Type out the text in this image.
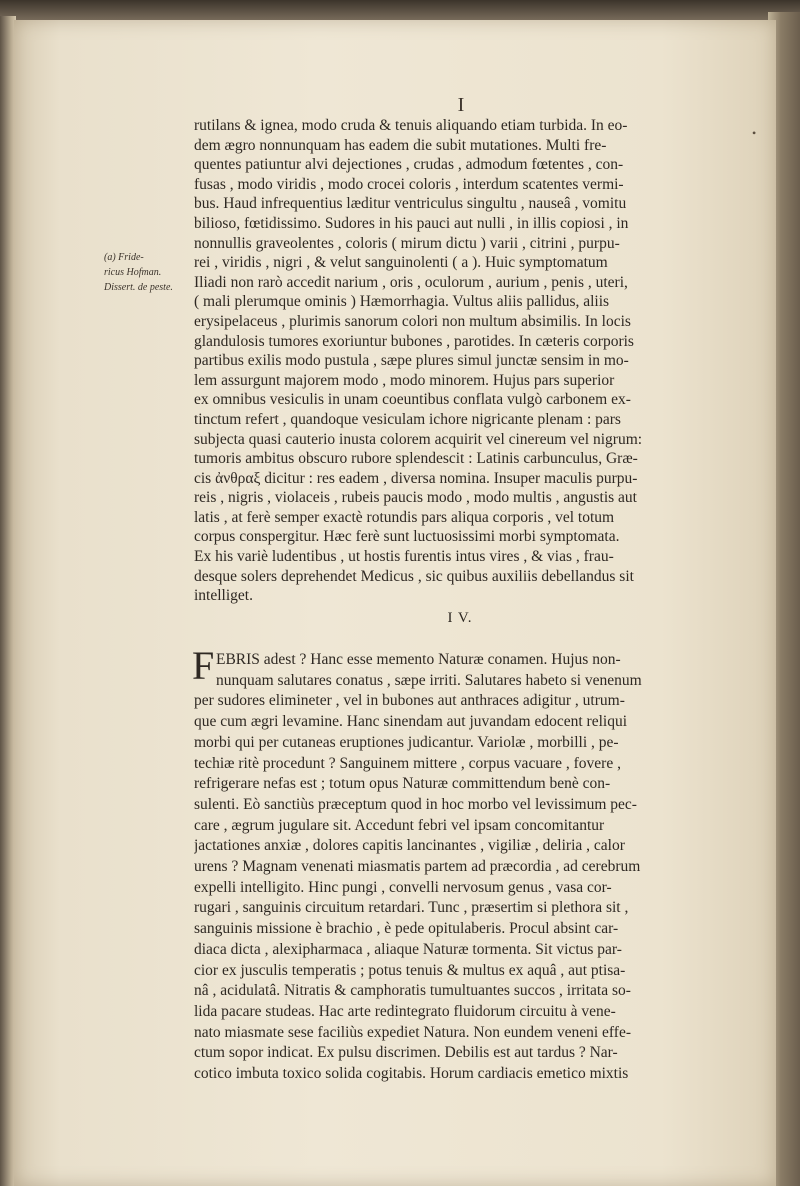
•
I
(a) Fride-
ricus Hofman.
Dissert. de peste.
rutilans & ignea, modo cruda & tenuis aliquando etiam turbida. In eo-
dem ægro nonnunquam has eadem die subit mutationes. Multi fre-
quentes patiuntur alvi dejectiones , crudas , admodum fœtentes , con-
fusas , modo viridis , modo crocei coloris , interdum scatentes vermi-
bus. Haud infrequentius læditur ventriculus singultu , nauseâ , vomitu
bilioso, fœtidissimo. Sudores in his pauci aut nulli , in illis copiosi , in
nonnullis graveolentes , coloris ( mirum dictu ) varii , citrini , purpu-
rei , viridis , nigri , & velut sanguinolenti ( a ). Huic symptomatum
Iliadi non rarò accedit narium , oris , oculorum , aurium , penis , uteri,
( mali plerumque ominis ) Hæmorrhagia. Vultus aliis pallidus, aliis
erysipelaceus , plurimis sanorum colori non multum absimilis. In locis
glandulosis tumores exoriuntur bubones , parotides. In cæteris corporis
partibus exilis modo pustula , sæpe plures simul junctæ sensim in mo-
lem assurgunt majorem modo , modo minorem. Hujus pars superior
ex omnibus vesiculis in unam coeuntibus conflata vulgò carbonem ex-
tinctum refert , quandoque vesiculam ichore nigricante plenam : pars
subjecta quasi cauterio inusta colorem acquirit vel cinereum vel nigrum:
tumoris ambitus obscuro rubore splendescit : Latinis carbunculus, Græ-
cis ἀνθραξ dicitur : res eadem , diversa nomina. Insuper maculis purpu-
reis , nigris , violaceis , rubeis paucis modo , modo multis , angustis aut
latis , at ferè semper exactè rotundis pars aliqua corporis , vel totum
corpus conspergitur. Hæc ferè sunt luctuosissimi morbi symptomata.
Ex his variè ludentibus , ut hostis furentis intus vires , & vias , frau-
desque solers deprehendet Medicus , sic quibus auxiliis debellandus sit
intelliget.
I V.
F EBRIS adest ? Hanc esse memento Naturæ conamen. Hujus non-
nunquam salutares conatus , sæpe irriti. Salutares habeto si venenum
per sudores elimineter , vel in bubones aut anthraces adigitur , utrum-
que cum ægri levamine. Hanc sinendam aut juvandam edocent reliqui
morbi qui per cutaneas eruptiones judicantur. Variolæ , morbilli , pe-
techiæ ritè procedunt ? Sanguinem mittere , corpus vacuare , fovere ,
refrigerare nefas est ; totum opus Naturæ committendum benè con-
sulenti. Eò sanctiùs præceptum quod in hoc morbo vel levissimum pec-
care , ægrum jugulare sit. Accedunt febri vel ipsam concomitantur
jactationes anxiæ , dolores capitis lancinantes , vigiliæ , deliria , calor
urens ? Magnam venenati miasmatis partem ad præcordia , ad cerebrum
expelli intelligito. Hinc pungi , convelli nervosum genus , vasa cor-
rugari , sanguinis circuitum retardari. Tunc , præsertim si plethora sit ,
sanguinis missione è brachio , è pede opitulaberis. Procul absint car-
diaca dicta , alexipharmaca , aliaque Naturæ tormenta. Sit victus par-
cior ex jusculis temperatis ; potus tenuis & multus ex aquâ , aut ptisa-
nâ , acidulatâ. Nitratis & camphoratis tumultuantes succos , irritata so-
lida pacare studeas. Hac arte redintegrato fluidorum circuitu à vene-
nato miasmate sese faciliùs expediet Natura. Non eundem veneni effe-
ctum sopor indicat. Ex pulsu discrimen. Debilis est aut tardus ? Nar-
cotico imbuta toxico solida cogitabis. Horum cardiacis emetico mixtis
